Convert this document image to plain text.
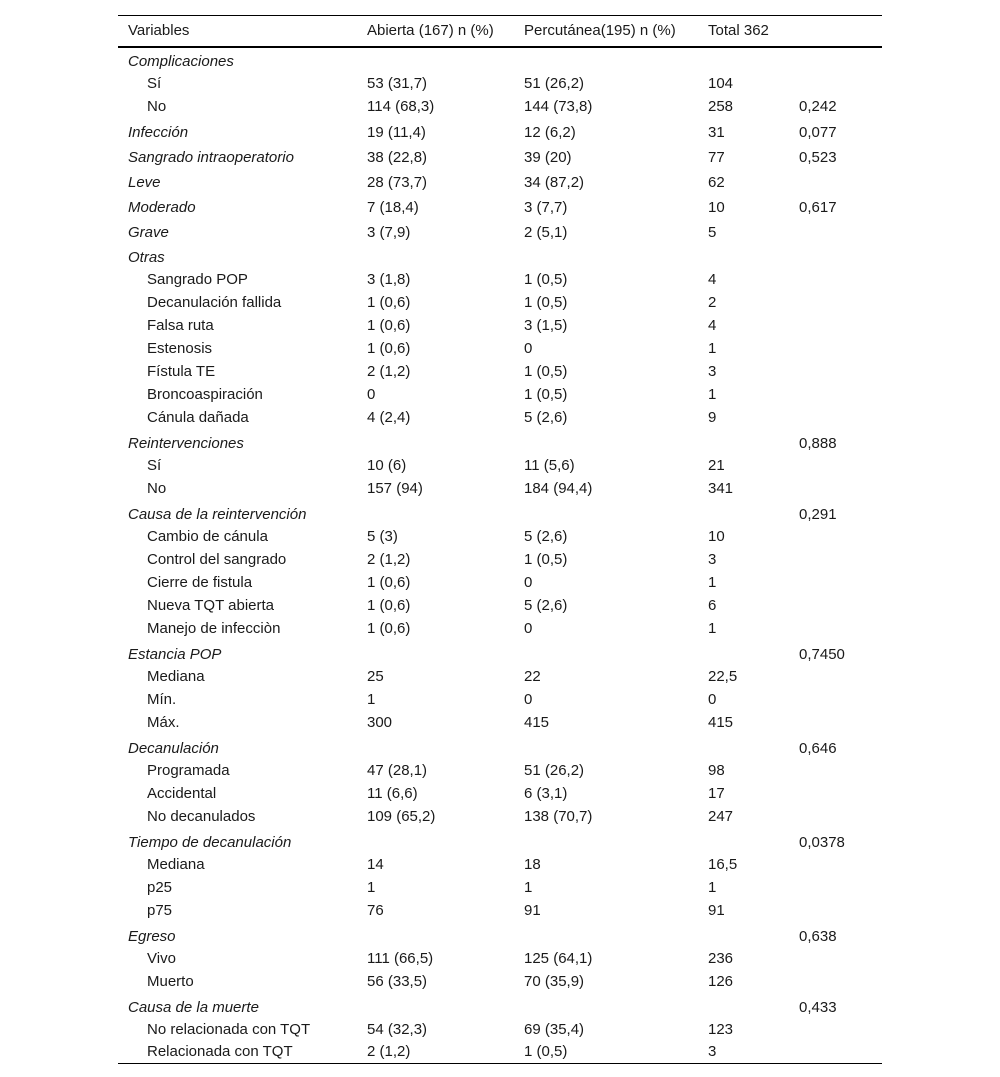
Variables	Abierta (167) n (%)	Percutánea(195) n (%)	Total 362	
Complicaciones				
Sí	53 (31,7)	51 (26,2)	104	
No	114 (68,3)	144 (73,8)	258	0,242
Infección	19 (11,4)	12 (6,2)	31	0,077
Sangrado intraoperatorio	38 (22,8)	39 (20)	77	0,523
Leve	28 (73,7)	34 (87,2)	62	
Moderado	7 (18,4)	3 (7,7)	10	0,617
Grave	3 (7,9)	2 (5,1)	5	
Otras				
Sangrado POP	3 (1,8)	1 (0,5)	4	
Decanulación fallida	1 (0,6)	1 (0,5)	2	
Falsa ruta	1 (0,6)	3 (1,5)	4	
Estenosis	1 (0,6)	0	1	
Fístula TE	2 (1,2)	1 (0,5)	3	
Broncoaspiración	0	1 (0,5)	1	
Cánula dañada	4 (2,4)	5 (2,6)	9	
Reintervenciones				0,888
Sí	10 (6)	11 (5,6)	21	
No	157 (94)	184 (94,4)	341	
Causa de la reintervención				0,291
Cambio de cánula	5 (3)	5 (2,6)	10	
Control del sangrado	2 (1,2)	1 (0,5)	3	
Cierre de fistula	1 (0,6)	0	1	
Nueva TQT abierta	1 (0,6)	5 (2,6)	6	
Manejo de infecciòn	1 (0,6)	0	1	
Estancia POP				0,7450
Mediana	25	22	22,5	
Mín.	1	0	0	
Máx.	300	415	415	
Decanulación				0,646
Programada	47 (28,1)	51 (26,2)	98	
Accidental	11 (6,6)	6 (3,1)	17	
No decanulados	109 (65,2)	138 (70,7)	247	
Tiempo de decanulación				0,0378
Mediana	14	18	16,5	
p25	1	1	1	
p75	76	91	91	
Egreso				0,638
Vivo	111 (66,5)	125 (64,1)	236	
Muerto	56 (33,5)	70 (35,9)	126	
Causa de la muerte				0,433
No relacionada con TQT	54 (32,3)	69 (35,4)	123	
Relacionada con TQT	2 (1,2)	1 (0,5)	3	
